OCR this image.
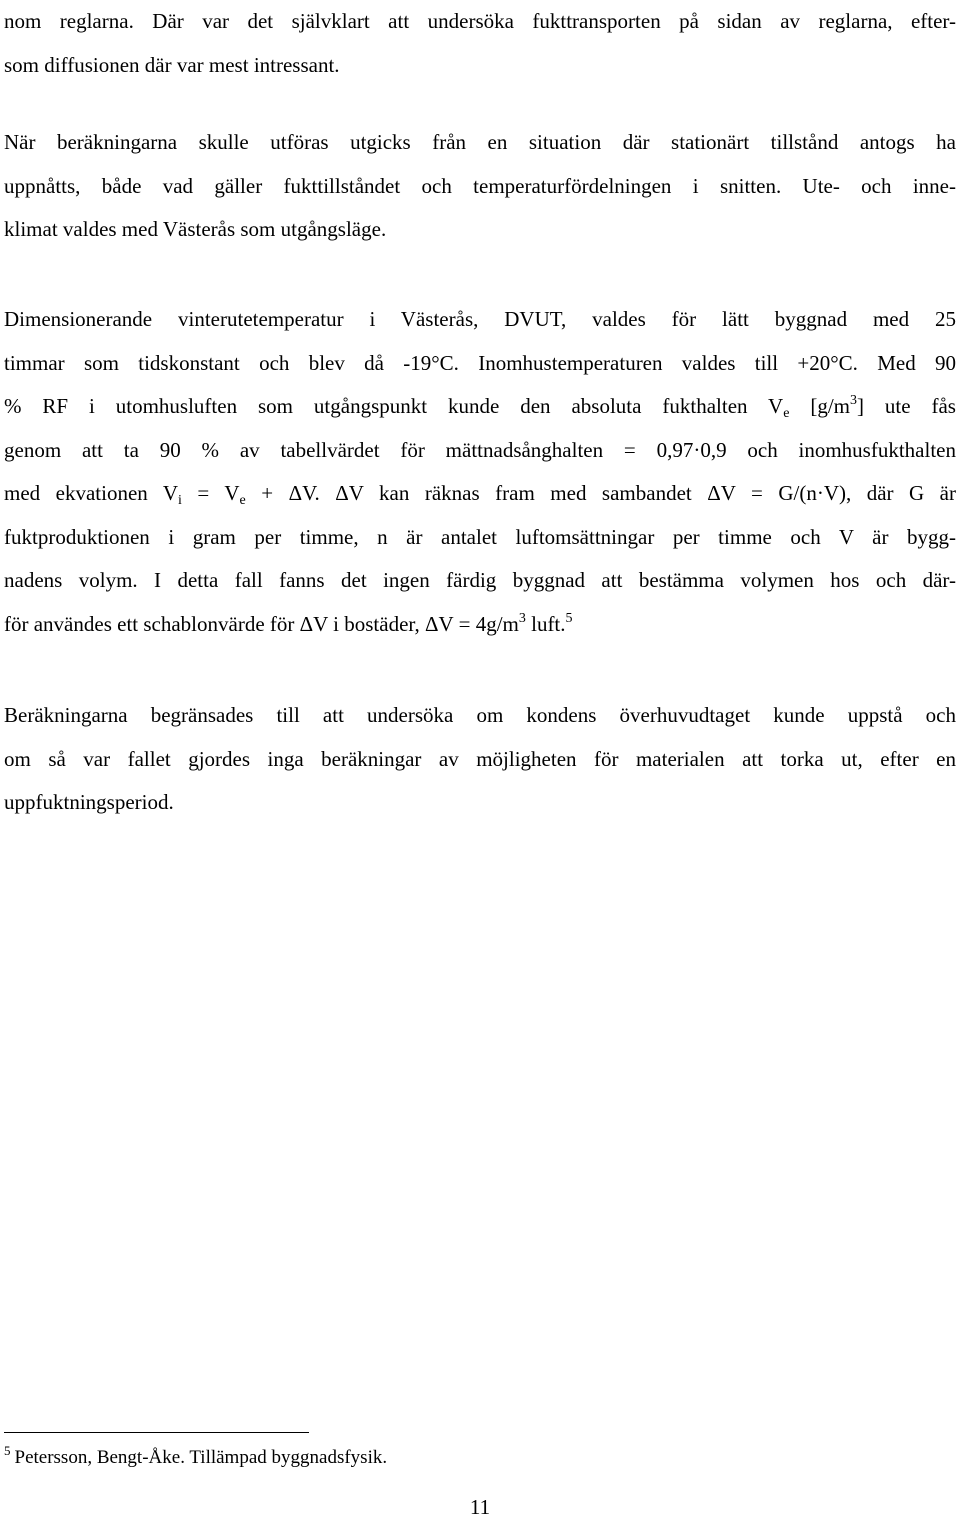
nom reglarna. Där var det självklart att undersöka fukttransporten på sidan av reglarna, efter-
som diffusionen där var mest intressant.
När beräkningarna skulle utföras utgicks från en situation där stationärt tillstånd antogs ha
uppnåtts, både vad gäller fukttillståndet och temperaturfördelningen i snitten. Ute- och inne-
klimat valdes med Västerås som utgångsläge.
Dimensionerande vinterutetemperatur i Västerås, DVUT, valdes för lätt byggnad med 25
timmar som tidskonstant och blev då -19°C. Inomhustemperaturen valdes till +20°C. Med 90
% RF i utomhusluften som utgångspunkt kunde den absoluta fukthalten $V_e$ $[g/m^3]$ ute fås
genom att ta 90 % av tabellvärdet för mättnadsånghalten = 0,97·0,9 och inomhusfukthalten
med ekvationen $V_i = V_e + \Delta V$. ΔV kan räknas fram med sambandet ΔV = G/(n·V), där G är
fuktproduktionen i gram per timme, n är antalet luftomsättningar per timme och V är bygg-
nadens volym. I detta fall fanns det ingen färdig byggnad att bestämma volymen hos och där-
för användes ett schablonvärde för ΔV i bostäder, $\Delta V = 4g/m^3$ luft.$^5$
Beräkningarna begränsades till att undersöka om kondens överhuvudtaget kunde uppstå och
om så var fallet gjordes inga beräkningar av möjligheten för materialen att torka ut, efter en
uppfuktningsperiod.
$^5$ Petersson, Bengt-Åke. Tillämpad byggnadsfysik.
11
